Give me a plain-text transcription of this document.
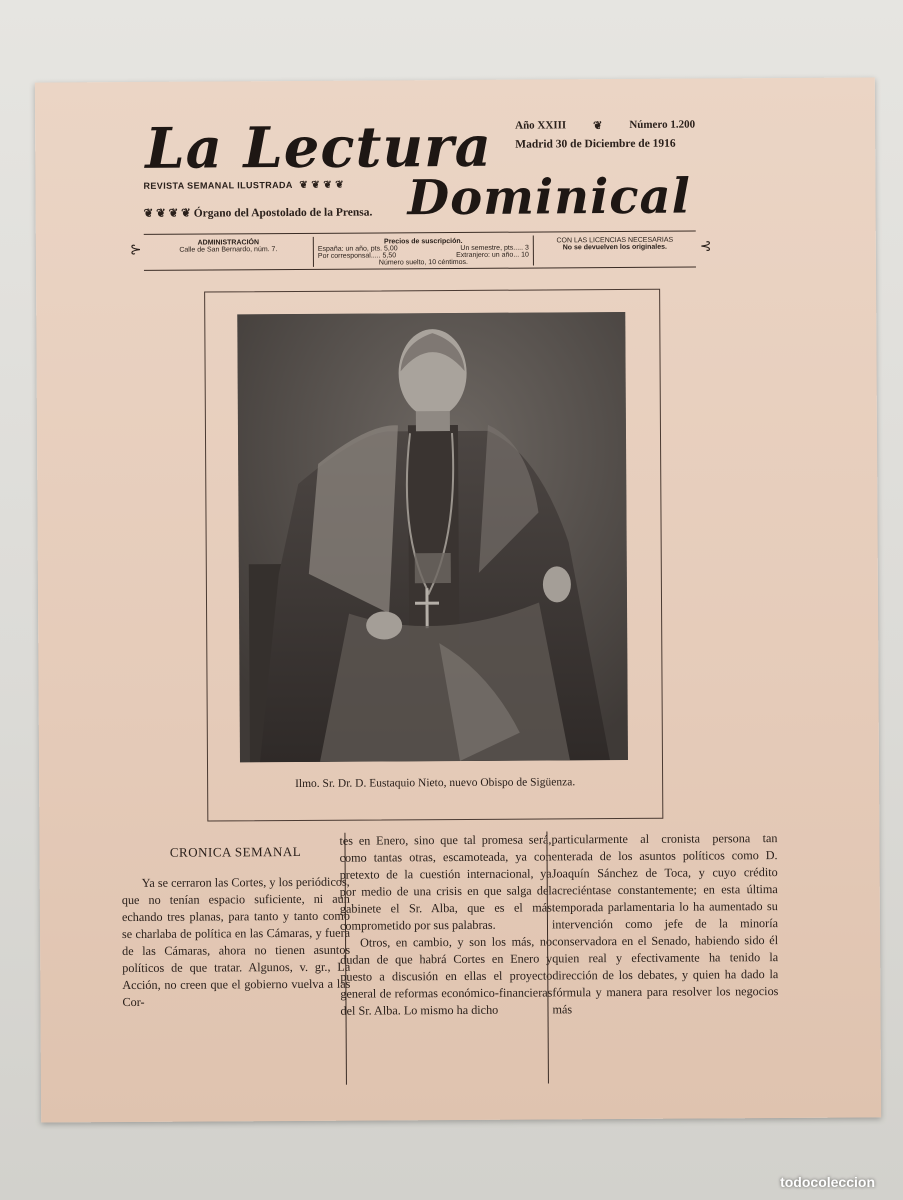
La Lectura
Dominical
REVISTA SEMANAL ILUSTRADA ❦ ❦ ❦ ❦
❦ ❦ ❦ ❦ Órgano del Apostolado de la Prensa.
Año XXIII ❦ Número 1.200
Madrid 30 de Diciembre de 1916
⊱	⊰
ADMINISTRACIÓN
Calle de San Bernardo, núm. 7.
Precios de suscripción.
España: un año, pts. 5,00	Un semestre, pts..... 3
Por corresponsal..... 5,50	Extranjero: un año... 10
Número suelto, 10 céntimos.
CON LAS LICENCIAS NECESARIAS
No se devuelven los originales.
Ilmo. Sr. Dr. D. Eustaquio Nieto, nuevo Obispo de Sigüenza.

CRONICA SEMANAL

Ya se cerraron las Cortes, y los periódicos, que no tenían espacio suficiente, ni aun echando tres planas, para tanto y tanto como se charlaba de política en las Cámaras, y fuera de las Cámaras, ahora no tienen asuntos políticos de que tratar. Algunos, v. gr., La Acción, no creen que el gobierno vuelva a las Cor-

tes en Enero, sino que tal promesa será, como tantas otras, escamoteada, ya con pretexto de la cuestión internacional, ya por medio de una crisis en que salga del gabinete el Sr. Alba, que es el más comprometido por sus palabras.

Otros, en cambio, y son los más, no dudan de que habrá Cortes en Enero y puesto a discusión en ellas el proyecto general de reformas económico-financieras del Sr. Alba. Lo mismo ha dicho

particularmente al cronista persona tan enterada de los asuntos políticos como D. Joaquín Sánchez de Toca, y cuyo crédito acreciéntase constantemente; en esta última temporada parlamentaria lo ha aumentado su intervención como jefe de la minoría conservadora en el Senado, habiendo sido él quien real y efectivamente ha tenido la dirección de los debates, y quien ha dado la fórmula y manera para resolver los negocios más

todocoleccion
